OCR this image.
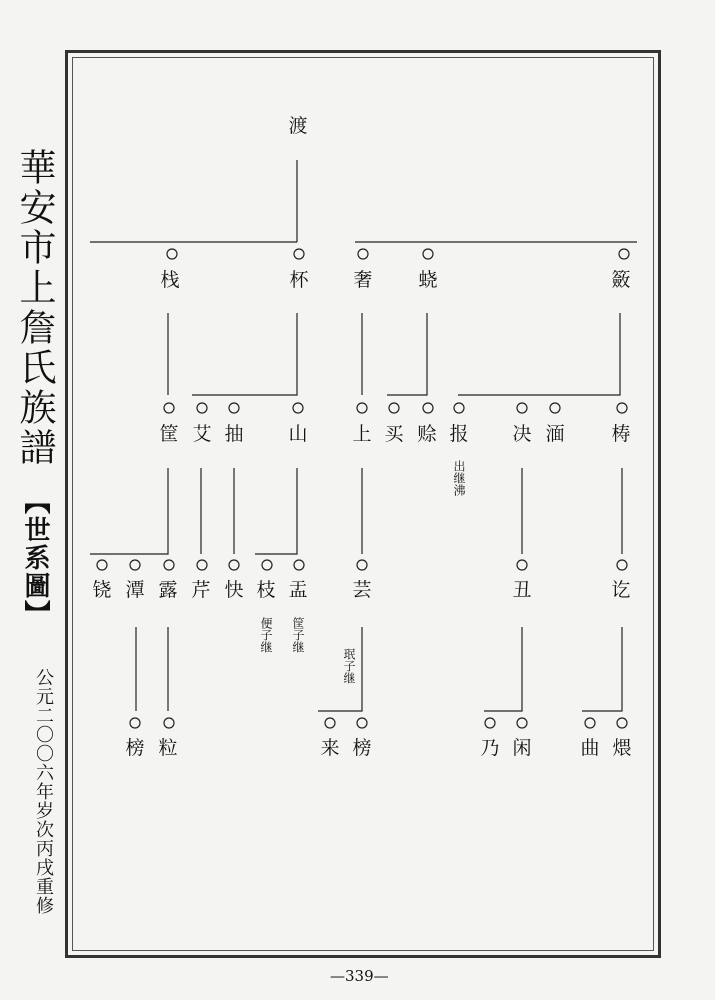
華安市上詹氏族譜
【世系圖】
公元二〇〇六年岁次丙戌重修
—339—
渡
栈	杯 奢 蛲	籢
筐 艾 抽 山 上 买 赊 报 决 湎 梼
出继沸
铙 潭 露 芹 快 枝 盂 芸	丑	讫
便子继 筐子继
珉子继
榜 粒	来 榜	乃 闲	曲 煨
